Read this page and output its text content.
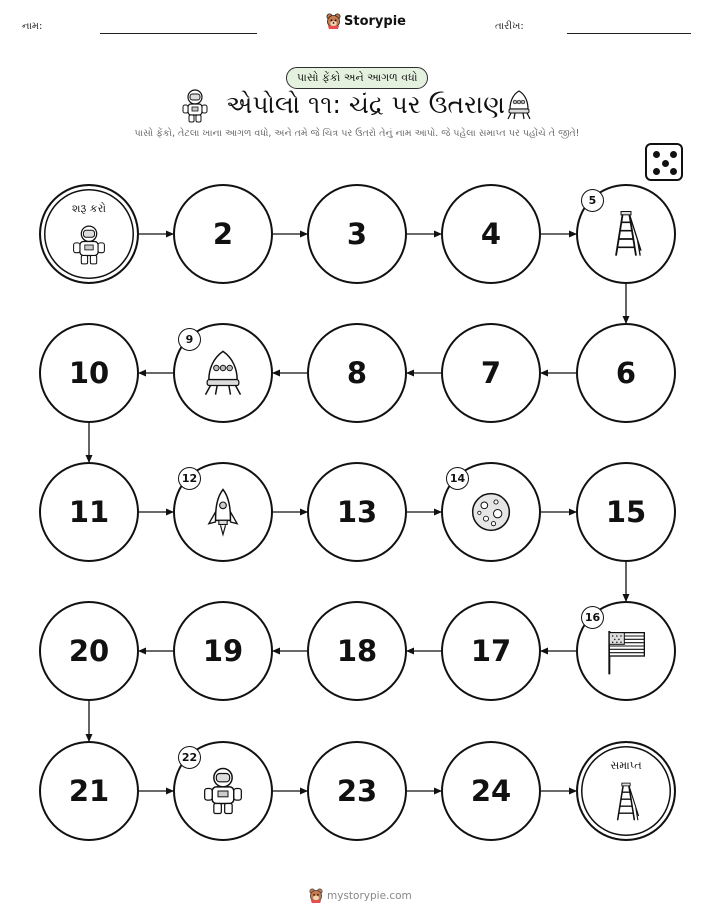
નામ:	Storypie	તારીખ:
પાસો ફેંકો અને આગળ વધો
એપોલો ૧૧: ચંદ્ર પર ઉતરાણ
પાસો ફેંકો, તેટલા ખાના આગળ વધો, અને તમે જે ચિત્ર પર ઉતરો તેનું નામ આપો. જે પહેલા સમાપ્ત પર પહોંચે તે જીતે!
શરૂ કરો
2	3	4
5
6
7
8
9
10
11
12
13
14
15
16
17
18
19
20
21
22
23	24
સમાપ્ત
mystorypie.com
